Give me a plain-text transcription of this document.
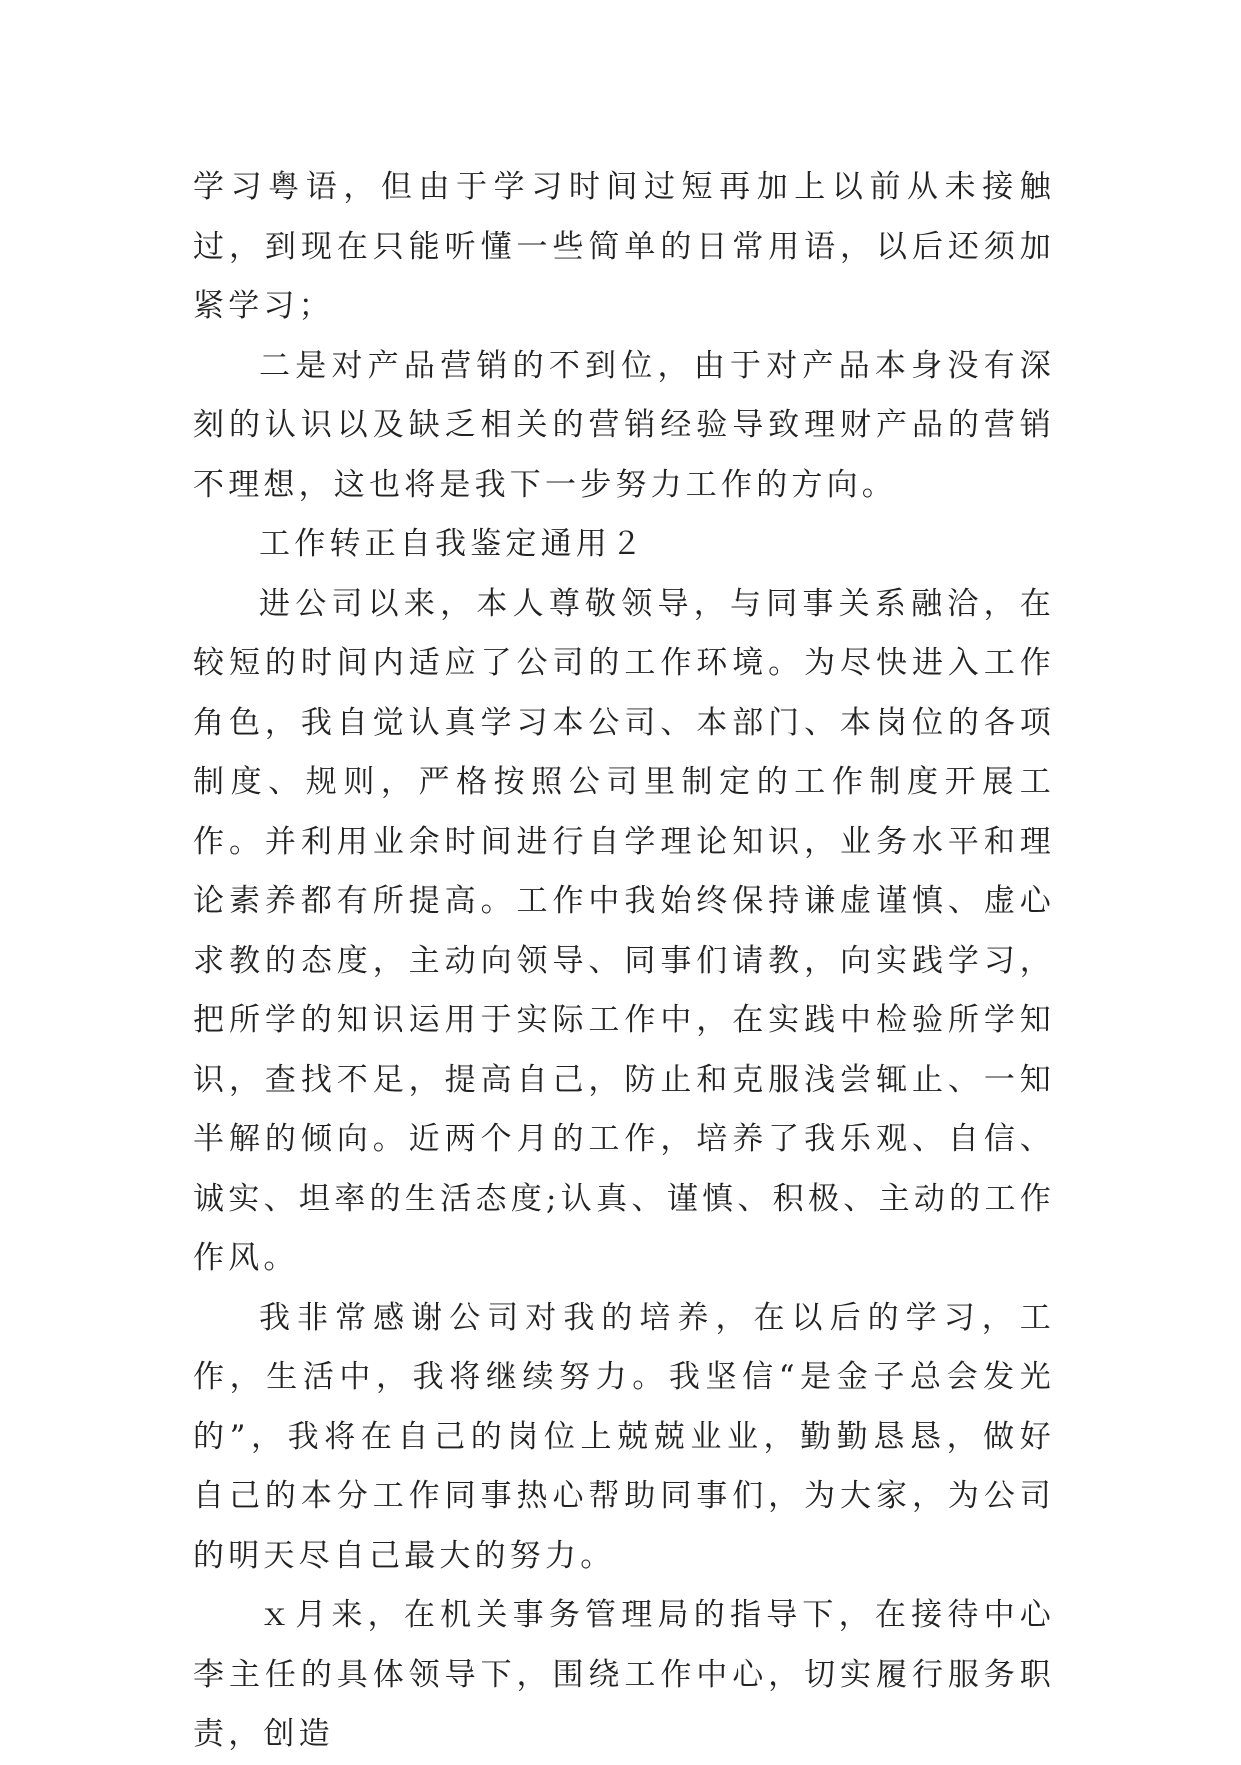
学习粤语，但由于学习时间过短再加上以前从未接触过，到现在只能听懂一些简单的日常用语，以后还须加紧学习；

二是对产品营销的不到位，由于对产品本身没有深刻的认识以及缺乏相关的营销经验导致理财产品的营销不理想，这也将是我下一步努力工作的方向。

工作转正自我鉴定通用２

进公司以来，本人尊敬领导，与同事关系融洽，在较短的时间内适应了公司的工作环境。为尽快进入工作角色，我自觉认真学习本公司、本部门、本岗位的各项制度、规则，严格按照公司里制定的工作制度开展工作。并利用业余时间进行自学理论知识，业务水平和理论素养都有所提高。工作中我始终保持谦虚谨慎、虚心求教的态度，主动向领导、同事们请教，向实践学习，把所学的知识运用于实际工作中，在实践中检验所学知识，查找不足，提高自己，防止和克服浅尝辄止、一知半解的倾向。近两个月的工作，培养了我乐观、自信、诚实、坦率的生活态度;认真、谨慎、积极、主动的工作作风。

我非常感谢公司对我的培养，在以后的学习，工作，生活中，我将继续努力。我坚信“是金子总会发光的”，我将在自己的岗位上兢兢业业，勤勤恳恳，做好自己的本分工作同事热心帮助同事们，为大家，为公司的明天尽自己最大的努力。

ｘ月来，在机关事务管理局的指导下，在接待中心李主任的具体领导下，围绕工作中心，切实履行服务职责，创造
